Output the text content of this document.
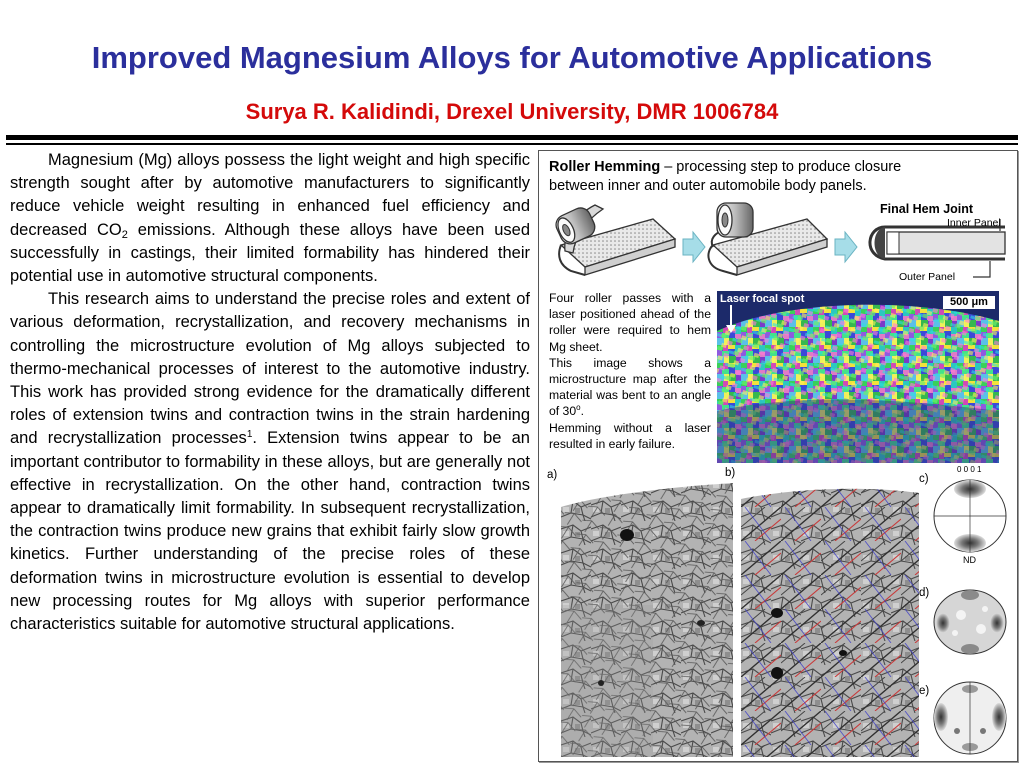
Improved Magnesium Alloys for Automotive Applications
Surya R. Kalidindi, Drexel University, DMR 1006784

Magnesium (Mg) alloys possess the light weight and high specific strength sought after by automotive manufacturers to significantly reduce vehicle weight resulting in enhanced fuel efficiency and decreased $CO_2$ emissions. Although these alloys have been used successfully in castings, their limited formability has hindered their potential use in automotive structural components.

This research aims to understand the precise roles and extent of various deformation, recrystallization, and recovery mechanisms in controlling the microstructure evolution of Mg alloys subjected to thermo-mechanical processes of interest to the automotive industry. This work has provided strong evidence for the dramatically different roles of extension twins and contraction twins in the strain hardening and recrystallization processes$^1$. Extension twins appear to be an important contributor to formability in these alloys, but are generally not effective in recrystallization. On the other hand, contraction twins appear to dramatically limit formability. In subsequent recrystallization, the contraction twins produce new grains that exhibit fairly slow growth kinetics. Further understanding of the precise roles of these deformation twins in microstructure evolution is essential to develop new processing routes for Mg alloys with superior performance characteristics suitable for automotive structural applications.

Roller Hemming – processing step to produce closure between inner and outer automobile body panels.
Final Hem Joint
Inner Panel
Outer Panel

Four roller passes with a laser positioned ahead of the roller were required to hem Mg sheet.

This image shows a microstructure map after the material was bent to an angle of 30$^o$.

Hemming without a laser resulted in early failure.

Laser focal spot	500 μm
a)	b)	c)
0 0 0 1
ND
d)
e)
